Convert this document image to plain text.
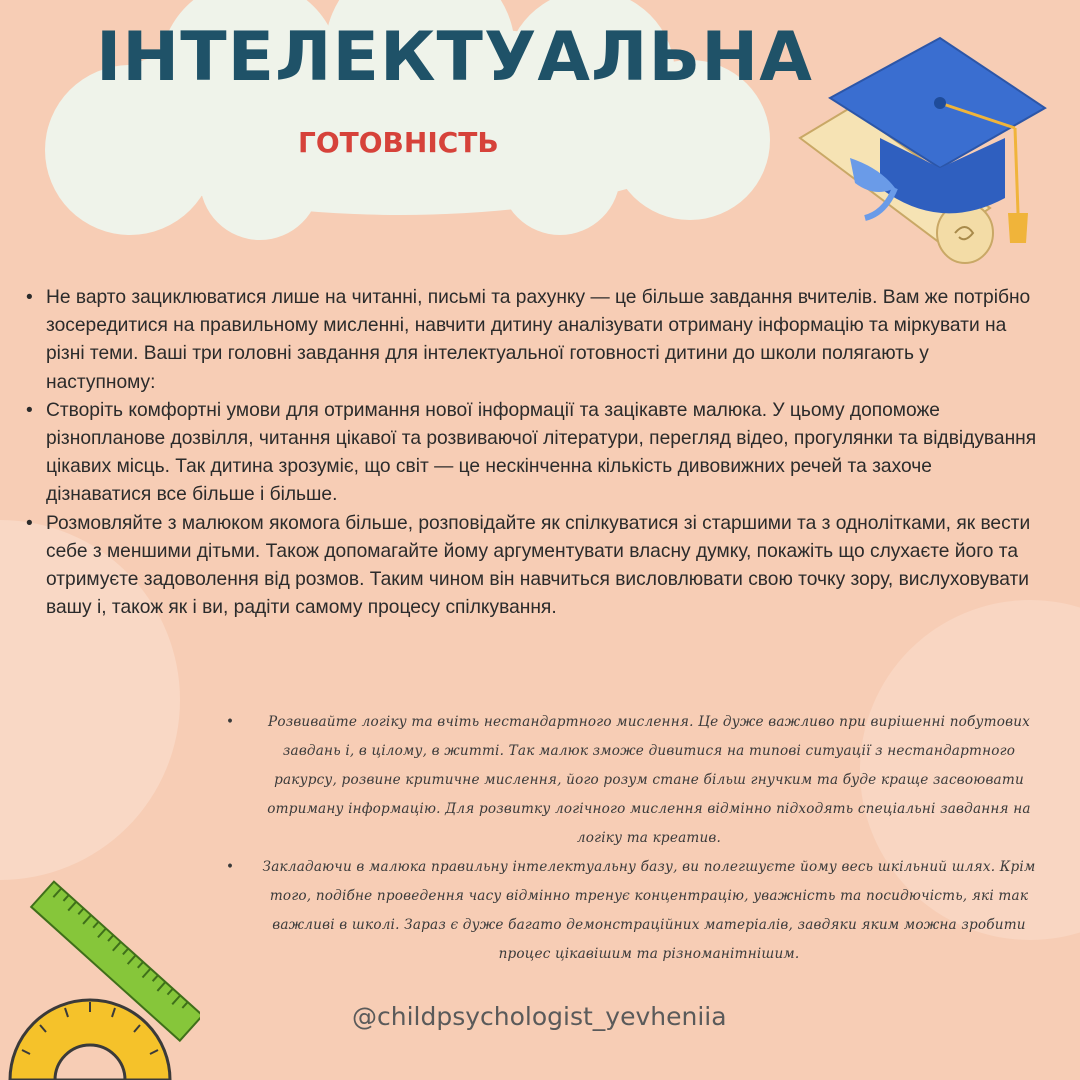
ІНТЕЛЕКТУАЛЬНА
ГОТОВНІСТЬ
• Не варто зациклюватися лише на читанні, письмі та рахунку — це більше завдання вчителів. Вам же потрібно зосередитися на правильному мисленні, навчити дитину аналізувати отриману інформацію та міркувати на різні теми. Ваші три головні завдання для інтелектуальної готовності дитини до школи полягають у наступному:
• Створіть комфортні умови для отримання нової інформації та зацікавте малюка. У цьому допоможе різнопланове дозвілля, читання цікавої та розвиваючої літератури, перегляд відео, прогулянки та відвідування цікавих місць. Так дитина зрозуміє, що світ — це нескінченна кількість дивовижних речей та захоче дізнаватися все більше і більше.
• Розмовляйте з малюком якомога більше, розповідайте як спілкуватися зі старшими та з однолітками, як вести себе з меншими дітьми. Також допомагайте йому аргументувати власну думку, покажіть що слухаєте його та отримуєте задоволення від розмов. Таким чином він навчиться висловлювати свою точку зору, вислуховувати вашу і, також як і ви, радіти самому процесу спілкування.
• Розвивайте логіку та вчіть нестандартного мислення. Це дуже важливо при вирішенні побутових завдань і, в цілому, в житті. Так малюк зможе дивитися на типові ситуації з нестандартного ракурсу, розвине критичне мислення, його розум стане більш гнучким та буде краще засвоювати отриману інформацію. Для розвитку логічного мислення відмінно підходять спеціальні завдання на логіку та креатив.
• Закладаючи в малюка правильну інтелектуальну базу, ви полегшуєте йому весь шкільний шлях. Крім того, подібне проведення часу відмінно тренує концентрацію, уважність та посидючість, які так важливі в школі. Зараз є дуже багато демонстраційних матеріалів, завдяки яким можна зробити процес цікавішим та різноманітнішим.

@childpsychologist_yevheniia
